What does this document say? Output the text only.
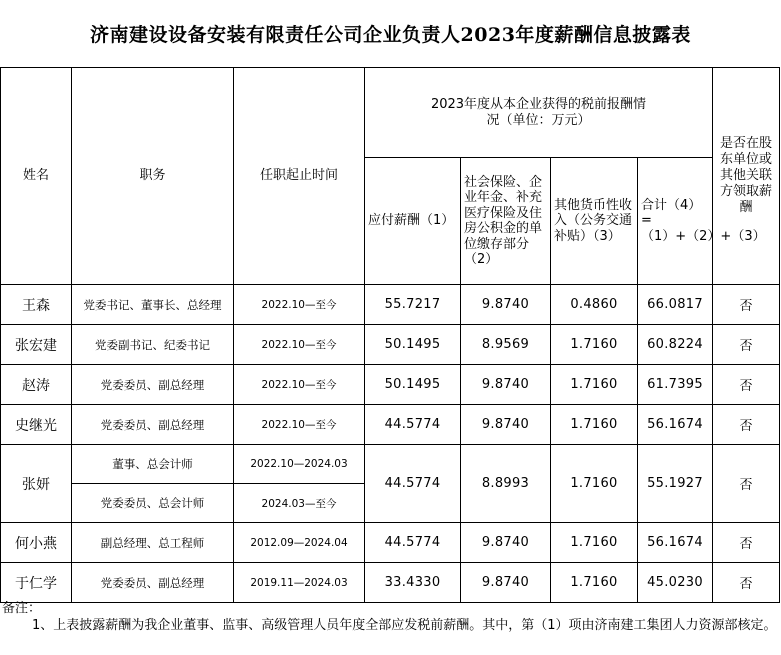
济南建设设备安装有限责任公司企业负责人2023年度薪酬信息披露表
姓名	职务	任职起止时间	2023年度从本企业获得的税前报酬情况（单位：万元）				是否在股东单位或其他关联方领取薪酬
			应付薪酬（1）	社会保险、企业年金、补充医疗保险及住房公积金的单位缴存部分（2）	其他货币性收入（公务交通补贴）（3）	合计（4）=（1）+（2）+（3）	
王森	党委书记、董事长、总经理	2022.10—至今	55.7217	9.8740	0.4860	66.0817	否
张宏建	党委副书记、纪委书记	2022.10—至今	50.1495	8.9569	1.7160	60.8224	否
赵涛	党委委员、副总经理	2022.10—至今	50.1495	9.8740	1.7160	61.7395	否
史继光	党委委员、副总经理	2022.10—至今	44.5774	9.8740	1.7160	56.1674	否
张妍	董事、总会计师	2022.10—2024.03	44.5774	8.8993	1.7160	55.1927	否
	党委委员、总会计师	2024.03—至今					
何小燕	副总经理、总工程师	2012.09—2024.04	44.5774	9.8740	1.7160	56.1674	否
于仁学	党委委员、副总经理	2019.11—2024.03	33.4330	9.8740	1.7160	45.0230	否
备注：
1、上表披露薪酬为我企业董事、监事、高级管理人员年度全部应发税前薪酬。其中，第（1）项由济南建工集团人力资源部核定。
